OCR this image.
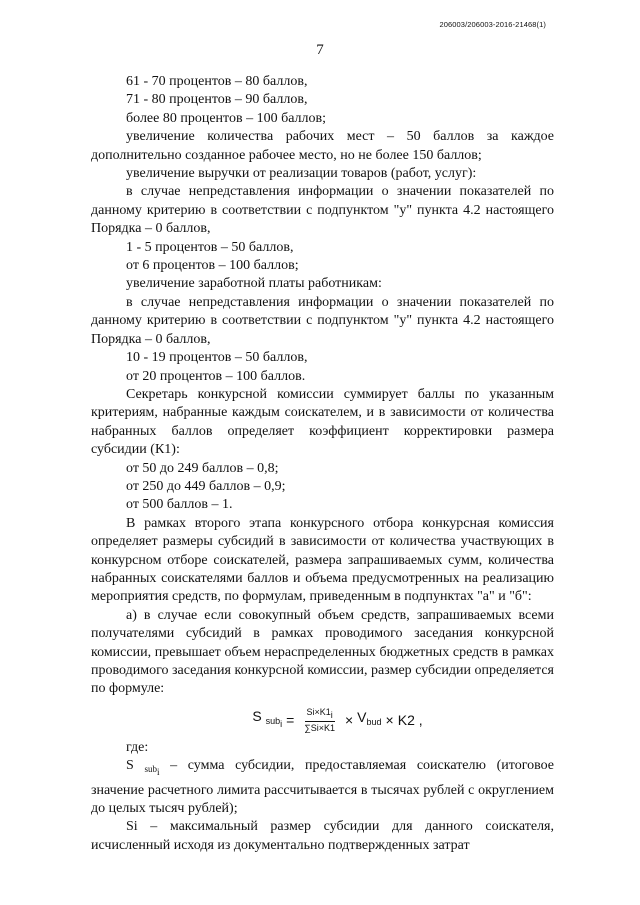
206003/206003-2016-21468(1)
7

61 - 70 процентов – 80 баллов,

71 - 80 процентов – 90 баллов,

более 80 процентов – 100 баллов;

увеличение количества рабочих мест – 50 баллов за каждое дополнительно созданное рабочее место, но не более 150 баллов;

увеличение выручки от реализации товаров (работ, услуг):

в случае непредставления информации о значении показателей по данному критерию в соответствии с подпунктом "у" пункта 4.2 настоящего Порядка – 0 баллов,

1 - 5 процентов – 50 баллов,

от 6 процентов – 100 баллов;

увеличение заработной платы работникам:

в случае непредставления информации о значении показателей по данному критерию в соответствии с подпунктом "у" пункта 4.2 настоящего Порядка – 0 баллов,

10 - 19 процентов – 50 баллов,

от 20 процентов – 100 баллов.

Секретарь конкурсной комиссии суммирует баллы по указанным критериям, набранные каждым соискателем, и в зависимости от количества набранных баллов определяет коэффициент корректировки размера субсидии (К1):

от 50 до 249 баллов – 0,8;

от 250 до 449 баллов – 0,9;

от 500 баллов – 1.

В рамках второго этапа конкурсного отбора конкурсная комиссия определяет размеры субсидий в зависимости от количества участвующих в конкурсном отборе соискателей, размера запрашиваемых сумм, количества набранных соискателями баллов и объема предусмотренных на реализацию мероприятия средств, по формулам, приведенным в подпунктах "а" и "б":

а) в случае если совокупный объем средств, запрашиваемых всеми получателями субсидий в рамках проводимого заседания конкурсной комиссии, превышает объем нераспределенных бюджетных средств в рамках проводимого заседания конкурсной комиссии, размер субсидии определяется по формуле:

S $_{subi} = \frac{Si\times K1i}{\sum Si\times K1} \times V_{bud} \times K2$ ,

где:

S $_{subi}$ – сумма субсидии, предоставляемая соискателю (итоговое значение расчетного лимита рассчитывается в тысячах рублей с округлением до целых тысяч рублей);

Si – максимальный размер субсидии для данного соискателя, исчисленный исходя из документально подтвержденных затрат
